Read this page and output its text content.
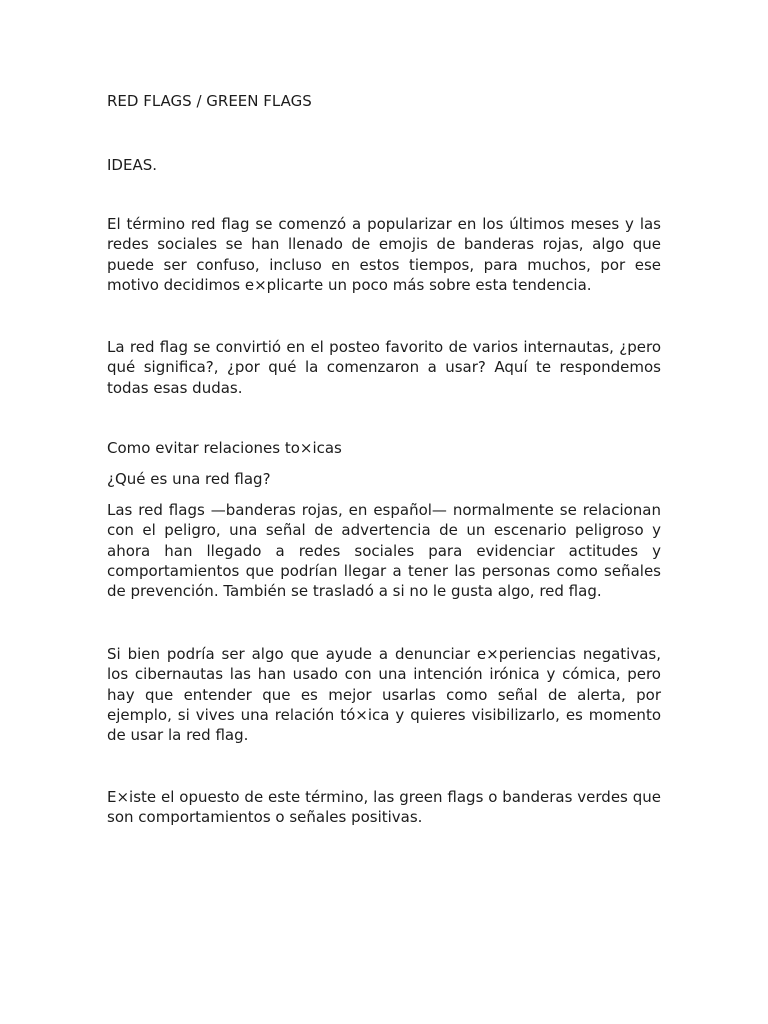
RED FLAGS / GREEN FLAGS

IDEAS.

El término red flag se comenzó a popularizar en los últimos meses y las redes sociales se han llenado de emojis de banderas rojas, algo que puede ser confuso, incluso en estos tiempos, para muchos, por ese motivo decidimos e×plicarte un poco más sobre esta tendencia.

La red flag se convirtió en el posteo favorito de varios internautas, ¿pero qué significa?, ¿por qué la comenzaron a usar? Aquí te respondemos todas esas dudas.

Como evitar relaciones to×icas
¿Qué es una red flag?

Las red flags —banderas rojas, en español— normalmente se relacionan con el peligro, una señal de advertencia de un escenario peligroso y ahora han llegado a redes sociales para evidenciar actitudes y comportamientos que podrían llegar a tener las personas como señales de prevención. También se trasladó a si no le gusta algo, red flag.

Si bien podría ser algo que ayude a denunciar e×periencias negativas, los cibernautas las han usado con una intención irónica y cómica, pero hay que entender que es mejor usarlas como señal de alerta, por ejemplo, si vives una relación tó×ica y quieres visibilizarlo, es momento de usar la red flag.

E×iste el opuesto de este término, las green flags o banderas verdes que son comportamientos o señales positivas.
